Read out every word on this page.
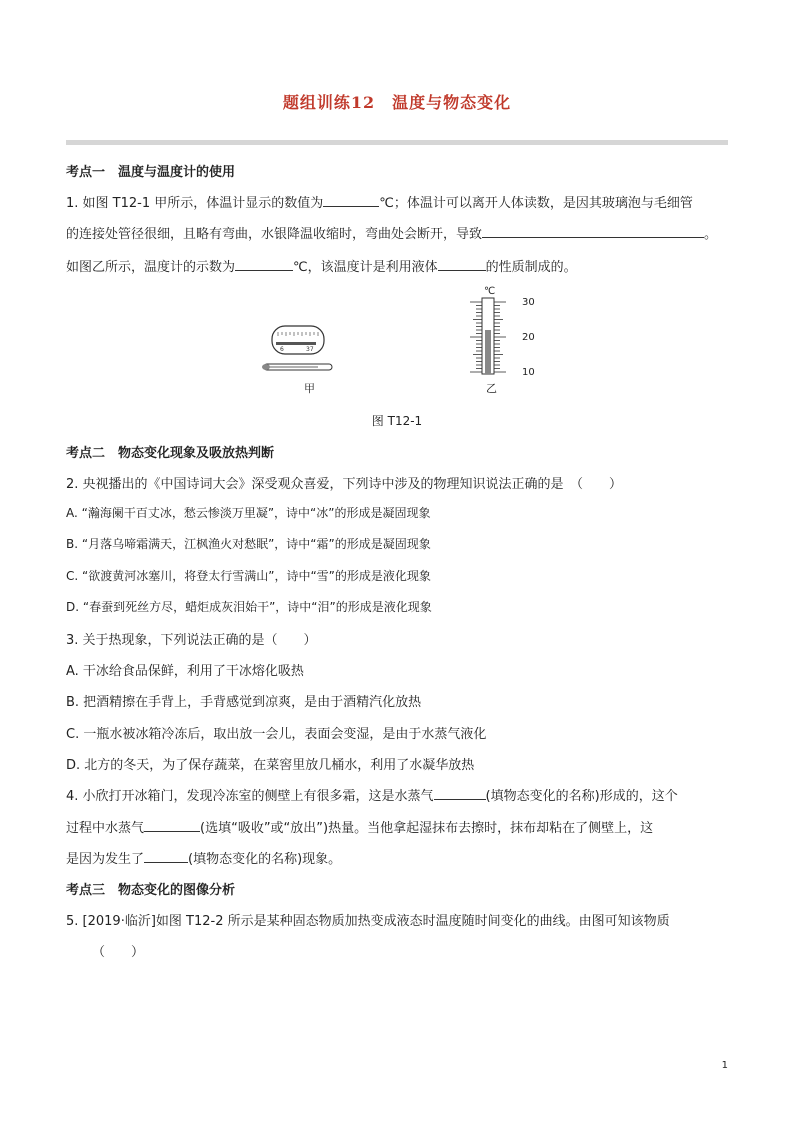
题组训练12　温度与物态变化
考点一　温度与温度计的使用
1. 如图 T12-1 甲所示，体温计显示的数值为	℃；体温计可以离开人体读数，是因其玻璃泡与毛细管
的连接处管径很细，且略有弯曲，水银降温收缩时，弯曲处会断开，导致	。
如图乙所示，温度计的示数为	℃，该温度计是利用液体	的性质制成的。
6	37
甲
℃
30
20
10
乙
图 T12-1
考点二　物态变化现象及吸放热判断
2. 央视播出的《中国诗词大会》深受观众喜爱，下列诗中涉及的物理知识说法正确的是　（　　）
A. “瀚海阑干百丈冰，愁云惨淡万里凝”，诗中“冰”的形成是凝固现象
B. “月落乌啼霜满天，江枫渔火对愁眠”，诗中“霜”的形成是凝固现象
C. “欲渡黄河冰塞川，将登太行雪满山”，诗中“雪”的形成是液化现象
D. “春蚕到死丝方尽，蜡炬成灰泪始干”，诗中“泪”的形成是液化现象
3. 关于热现象，下列说法正确的是（　　）
A. 干冰给食品保鲜，利用了干冰熔化吸热
B. 把酒精擦在手背上，手背感觉到凉爽，是由于酒精汽化放热
C. 一瓶水被冰箱冷冻后，取出放一会儿，表面会变湿，是由于水蒸气液化
D. 北方的冬天，为了保存蔬菜，在菜窖里放几桶水，利用了水凝华放热
4. 小欣打开冰箱门，发现冷冻室的侧壁上有很多霜，这是水蒸气	(填物态变化的名称)形成的，这个
过程中水蒸气	(选填“吸收”或“放出”)热量。当他拿起湿抹布去擦时，抹布却粘在了侧壁上，这
是因为发生了	(填物态变化的名称)现象。
考点三　物态变化的图像分析
5. [2019·临沂]如图 T12-2 所示是某种固态物质加热变成液态时温度随时间变化的曲线。由图可知该物质
（　　）
1
